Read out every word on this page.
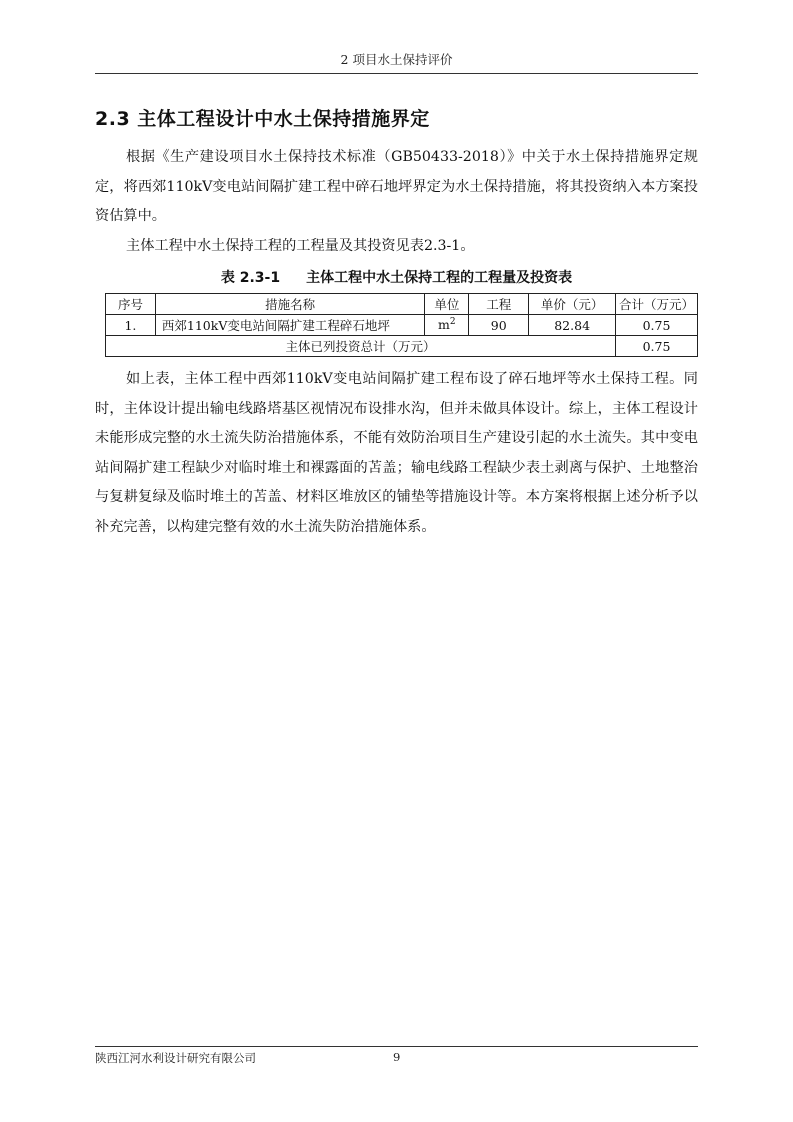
2 项目水土保持评价
2.3 主体工程设计中水土保持措施界定

根据《生产建设项目水土保持技术标准（GB50433-2018）》中关于水土保持措施界定规定，将西郊110kV变电站间隔扩建工程中碎石地坪界定为水土保持措施，将其投资纳入本方案投资估算中。

主体工程中水土保持工程的工程量及其投资见表2.3-1。

表 2.3-1 主体工程中水土保持工程的工程量及投资表
序号	措施名称	单位	工程	单价（元）	合计（万元）
1.	西郊110kV变电站间隔扩建工程碎石地坪	$m^2$	90	82.84	0.75
主体已列投资总计（万元）					0.75

如上表，主体工程中西郊110kV变电站间隔扩建工程布设了碎石地坪等水土保持工程。同时，主体设计提出输电线路塔基区视情况布设排水沟，但并未做具体设计。综上，主体工程设计未能形成完整的水土流失防治措施体系，不能有效防治项目生产建设引起的水土流失。其中变电站间隔扩建工程缺少对临时堆土和裸露面的苫盖；输电线路工程缺少表土剥离与保护、土地整治与复耕复绿及临时堆土的苫盖、材料区堆放区的铺垫等措施设计等。本方案将根据上述分析予以补充完善，以构建完整有效的水土流失防治措施体系。

陕西江河水利设计研究有限公司	9
